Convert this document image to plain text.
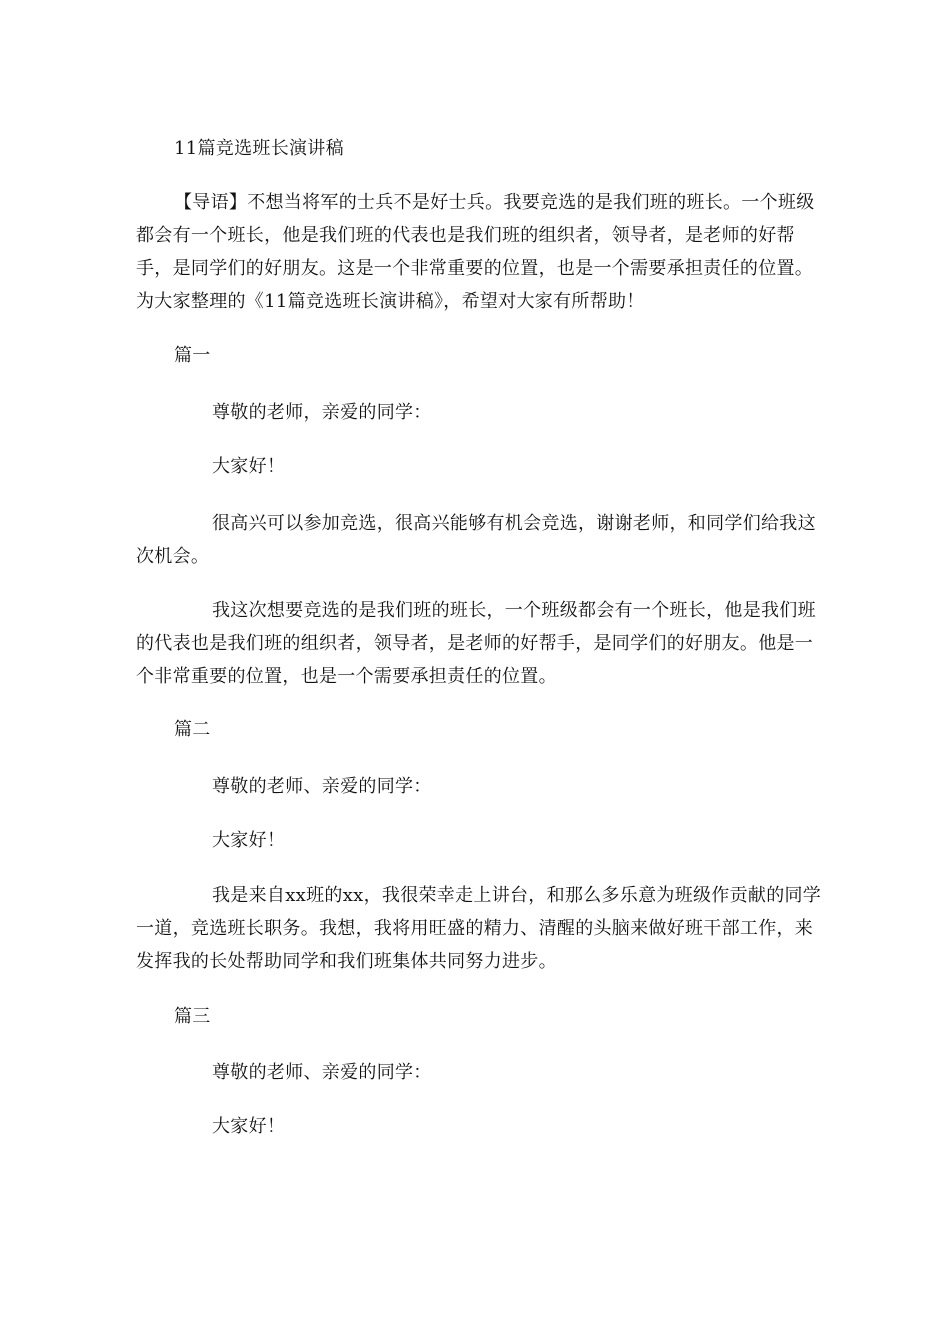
11篇竞选班长演讲稿
【导语】不想当将军的士兵不是好士兵。我要竞选的是我们班的班长。一个班级都会有一个班长，他是我们班的代表也是我们班的组织者，领导者，是老师的好帮手，是同学们的好朋友。这是一个非常重要的位置，也是一个需要承担责任的位置。为大家整理的《11篇竞选班长演讲稿》，希望对大家有所帮助！
篇一
尊敬的老师，亲爱的同学：
大家好！
很高兴可以参加竞选，很高兴能够有机会竞选，谢谢老师，和同学们给我这次机会。
我这次想要竞选的是我们班的班长，一个班级都会有一个班长，他是我们班的代表也是我们班的组织者，领导者，是老师的好帮手，是同学们的好朋友。他是一个非常重要的位置，也是一个需要承担责任的位置。
篇二
尊敬的老师、亲爱的同学：
大家好！
我是来自xx班的xx，我很荣幸走上讲台，和那么多乐意为班级作贡献的同学一道，竞选班长职务。我想，我将用旺盛的精力、清醒的头脑来做好班干部工作，来发挥我的长处帮助同学和我们班集体共同努力进步。
篇三
尊敬的老师、亲爱的同学：
大家好！
